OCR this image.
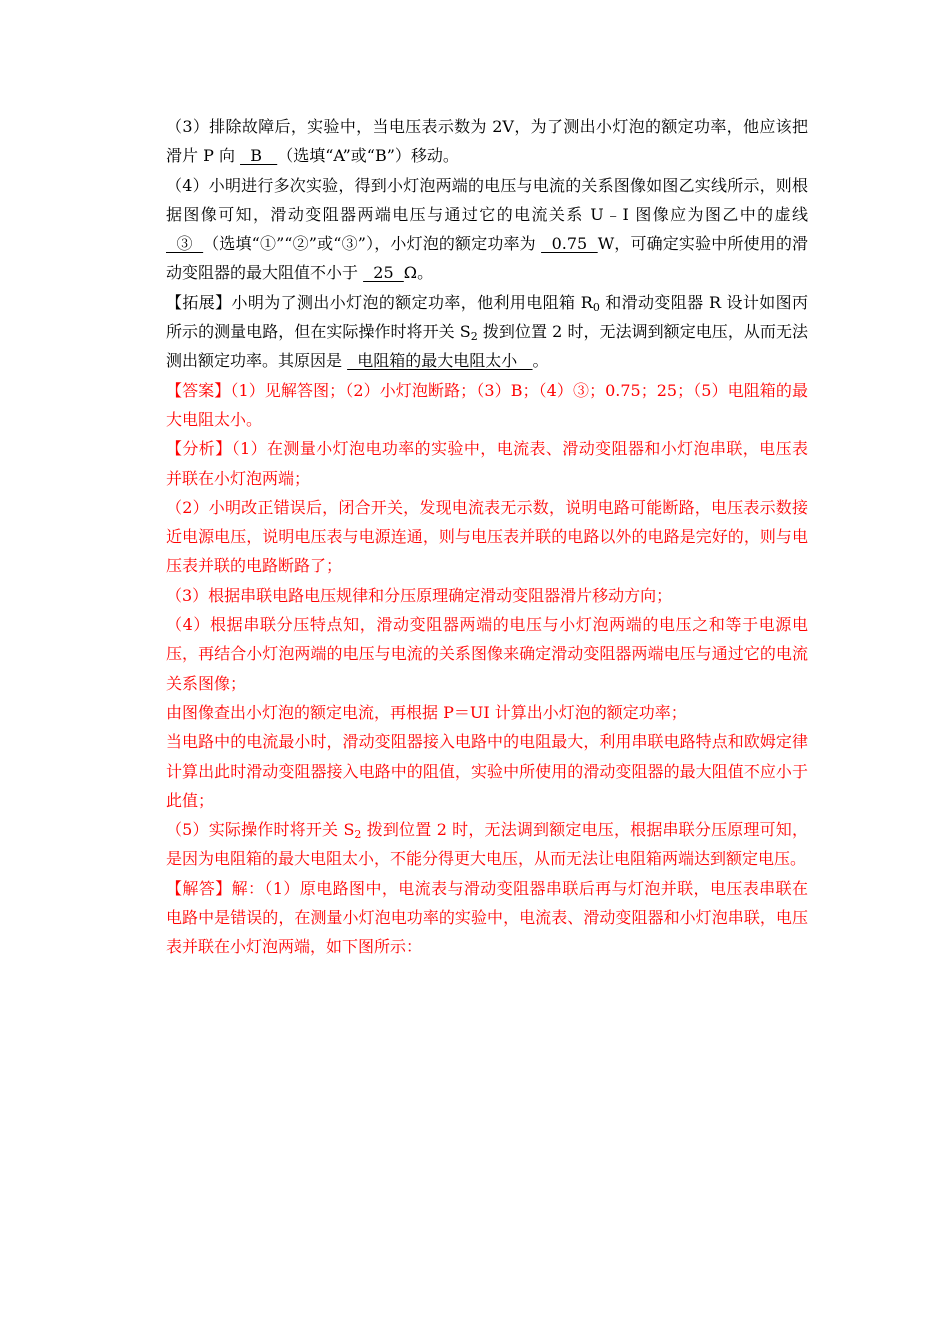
（3）排除故障后，实验中，当电压表示数为 2V，为了测出小灯泡的额定功率，他应该把滑片 P 向   B   （选填“A”或“B”）移动。

（4）小明进行多次实验，得到小灯泡两端的电压与电流的关系图像如图乙实线所示，则根据图像可知，滑动变阻器两端电压与通过它的电流关系 U﹣I 图像应为图乙中的虚线   ③  （选填“①”“②”或“③”），小灯泡的额定功率为   0.75  W，可确定实验中所使用的滑动变阻器的最大阻值不小于   25  Ω。

【拓展】小明为了测出小灯泡的额定功率，他利用电阻箱 $R_0$ 和滑动变阻器 R 设计如图丙所示的测量电路，但在实际操作时将开关 $S_2$ 拨到位置 2 时，无法调到额定电压，从而无法测出额定功率。其原因是   电阻箱的最大电阻太小   。

【答案】（1）见解答图；（2）小灯泡断路；（3）B；（4）③；0.75；25；（5）电阻箱的最大电阻太小。

【分析】（1）在测量小灯泡电功率的实验中，电流表、滑动变阻器和小灯泡串联，电压表并联在小灯泡两端；

（2）小明改正错误后，闭合开关，发现电流表无示数，说明电路可能断路，电压表示数接近电源电压，说明电压表与电源连通，则与电压表并联的电路以外的电路是完好的，则与电压表并联的电路断路了；

（3）根据串联电路电压规律和分压原理确定滑动变阻器滑片移动方向；

（4）根据串联分压特点知，滑动变阻器两端的电压与小灯泡两端的电压之和等于电源电压，再结合小灯泡两端的电压与电流的关系图像来确定滑动变阻器两端电压与通过它的电流关系图像；

由图像查出小灯泡的额定电流，再根据 P＝UI 计算出小灯泡的额定功率；

当电路中的电流最小时，滑动变阻器接入电路中的电阻最大，利用串联电路特点和欧姆定律计算出此时滑动变阻器接入电路中的阻值，实验中所使用的滑动变阻器的最大阻值不应小于此值；

（5）实际操作时将开关 $S_2$ 拨到位置 2 时，无法调到额定电压，根据串联分压原理可知，是因为电阻箱的最大电阻太小，不能分得更大电压，从而无法让电阻箱两端达到额定电压。

【解答】解：（1）原电路图中，电流表与滑动变阻器串联后再与灯泡并联，电压表串联在电路中是错误的，在测量小灯泡电功率的实验中，电流表、滑动变阻器和小灯泡串联，电压表并联在小灯泡两端，如下图所示：
